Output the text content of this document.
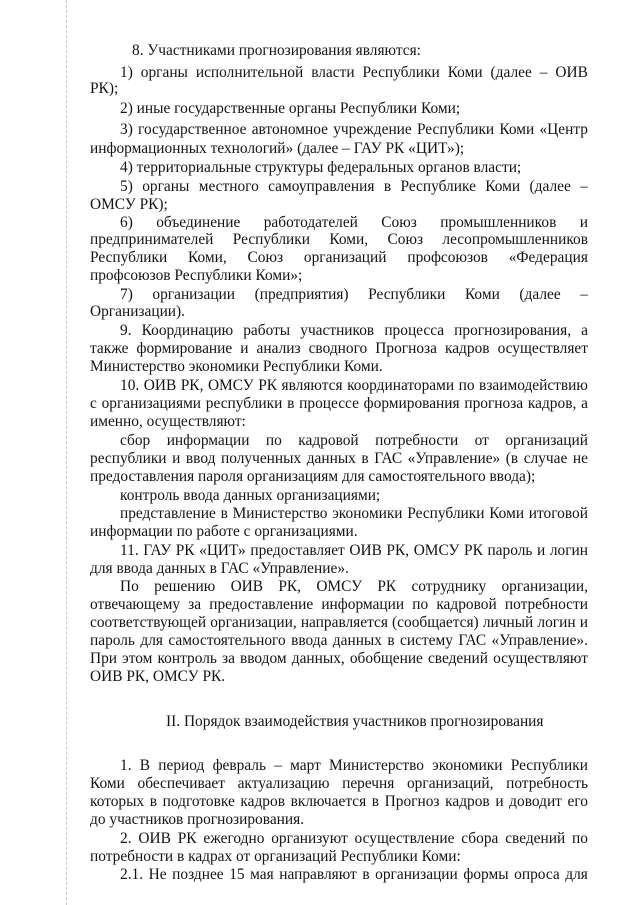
8. Участниками прогнозирования являются:
1) органы исполнительной власти Республики Коми (далее – ОИВ
РК);
2) иные государственные органы Республики Коми;
3) государственное автономное учреждение Республики Коми «Центр
информационных технологий» (далее – ГАУ РК «ЦИТ»);
4) территориальные структуры федеральных органов власти;
5) органы местного самоуправления в Республике Коми (далее –
ОМСУ РК);
6) объединение работодателей Союз промышленников и
предпринимателей Республики Коми, Союз лесопромышленников
Республики Коми, Союз организаций профсоюзов «Федерация
профсоюзов Республики Коми»;
7) организации (предприятия) Республики Коми (далее –
Организации).
9. Координацию работы участников процесса прогнозирования, а
также формирование и анализ сводного Прогноза кадров осуществляет
Министерство экономики Республики Коми.
10. ОИВ РК, ОМСУ РК являются координаторами по взаимодействию
с организациями республики в процессе формирования прогноза кадров, а
именно, осуществляют:
сбор информации по кадровой потребности от организаций
республики и ввод полученных данных в ГАС «Управление» (в случае не
предоставления пароля организациям для самостоятельного ввода);
контроль ввода данных организациями;
представление в Министерство экономики Республики Коми итоговой
информации по работе с организациями.
11. ГАУ РК «ЦИТ» предоставляет ОИВ РК, ОМСУ РК пароль и логин
для ввода данных в ГАС «Управление».
По решению ОИВ РК, ОМСУ РК сотруднику организации,
отвечающему за предоставление информации по кадровой потребности
соответствующей организации, направляется (сообщается) личный логин и
пароль для самостоятельного ввода данных в систему ГАС «Управление».
При этом контроль за вводом данных, обобщение сведений осуществляют
ОИВ РК, ОМСУ РК.
II. Порядок взаимодействия участников прогнозирования
1. В период февраль – март Министерство экономики Республики
Коми обеспечивает актуализацию перечня организаций, потребность
которых в подготовке кадров включается в Прогноз кадров и доводит его
до участников прогнозирования.
2. ОИВ РК ежегодно организуют осуществление сбора сведений по
потребности в кадрах от организаций Республики Коми:
2.1. Не позднее 15 мая направляют в организации формы опроса для
